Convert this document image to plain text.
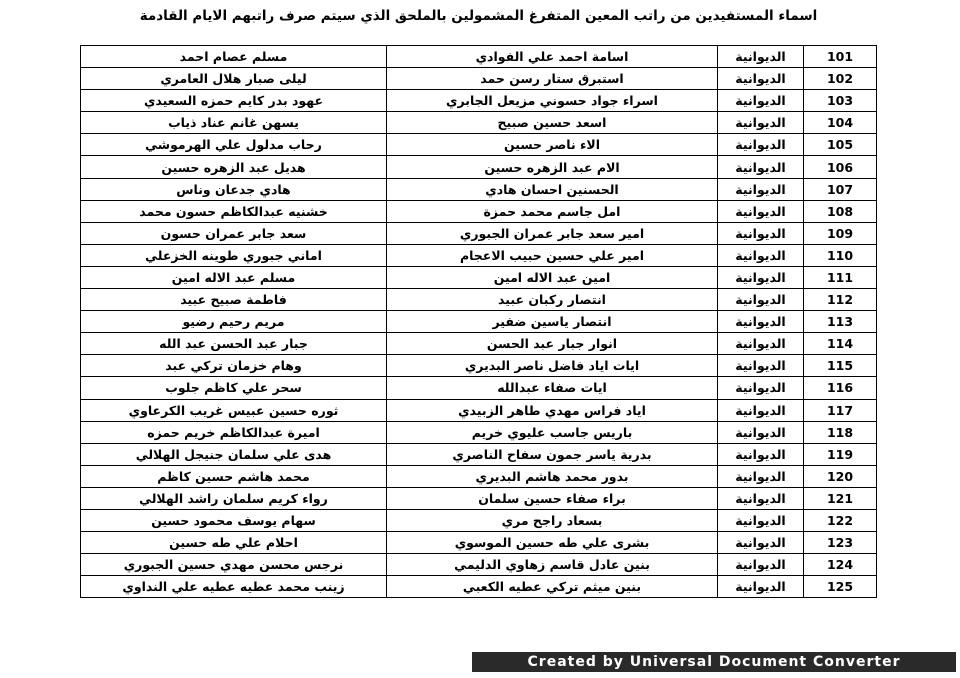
اسماء المستفيدين من راتب المعين المتفرغ المشمولين بالملحق الذي سيتم صرف راتبهم الايام القادمة
101	الديوانية	اسامة احمد علي الفوادي	مسلم عصام احمد
102	الديوانية	استبرق ستار رسن حمد	ليلى صبار هلال العامري
103	الديوانية	اسراء جواد حسوني مزيعل الجابري	عهود بدر كايم حمزه السعيدي
104	الديوانية	اسعد حسين صبيح	يسهن غانم عناد ذياب
105	الديوانية	الاء ناصر حسين	رحاب مدلول علي الهرموشي
106	الديوانية	الام عبد الزهره حسين	هديل عبد الزهره حسين
107	الديوانية	الحسنين احسان هادي	هادي جدعان وناس
108	الديوانية	امل جاسم محمد حمزة	خشنيه عبدالكاظم حسون محمد
109	الديوانية	امير سعد جابر عمران الجبوري	سعد جابر عمران حسون
110	الديوانية	امير علي حسين حبيب الاعجام	اماني جبوري طوينه الخزعلي
111	الديوانية	امين عبد الاله امين	مسلم عبد الاله امين
112	الديوانية	انتصار ركبان عبيد	فاطمة صبيح عبيد
113	الديوانية	انتصار ياسين ضفير	مريم رحيم رضيو
114	الديوانية	انوار جبار عبد الحسن	جبار عبد الحسن عبد الله
115	الديوانية	ايات اياد فاضل ناصر البديري	وهام خزمان تركي عبد
116	الديوانية	ايات صفاء عبدالله	سحر علي كاظم جلوب
117	الديوانية	اياد فراس مهدي طاهر الزبيدي	ثوره حسين عبيس غريب الكرعاوي
118	الديوانية	باريس جاسب عليوي خريم	اميرة عبدالكاظم خريم حمزه
119	الديوانية	بدرية ياسر جمون سفاح الناصري	هدى علي سلمان جنيجل الهلالي
120	الديوانية	بدور محمد هاشم البديري	محمد هاشم حسين كاظم
121	الديوانية	براء صفاء حسين سلمان	رواء كريم سلمان راشد الهلالي
122	الديوانية	بسعاد راجح مري	سهام يوسف محمود حسين
123	الديوانية	بشرى علي طه حسين الموسوي	احلام علي طه حسين
124	الديوانية	بنين عادل قاسم زهاوي الدليمي	نرجس محسن مهدي حسين الجبوري
125	الديوانية	بنين ميثم تركي عطيه الكعبي	زينب محمد عطيه عطيه علي النداوي
Created by Universal Document Converter
